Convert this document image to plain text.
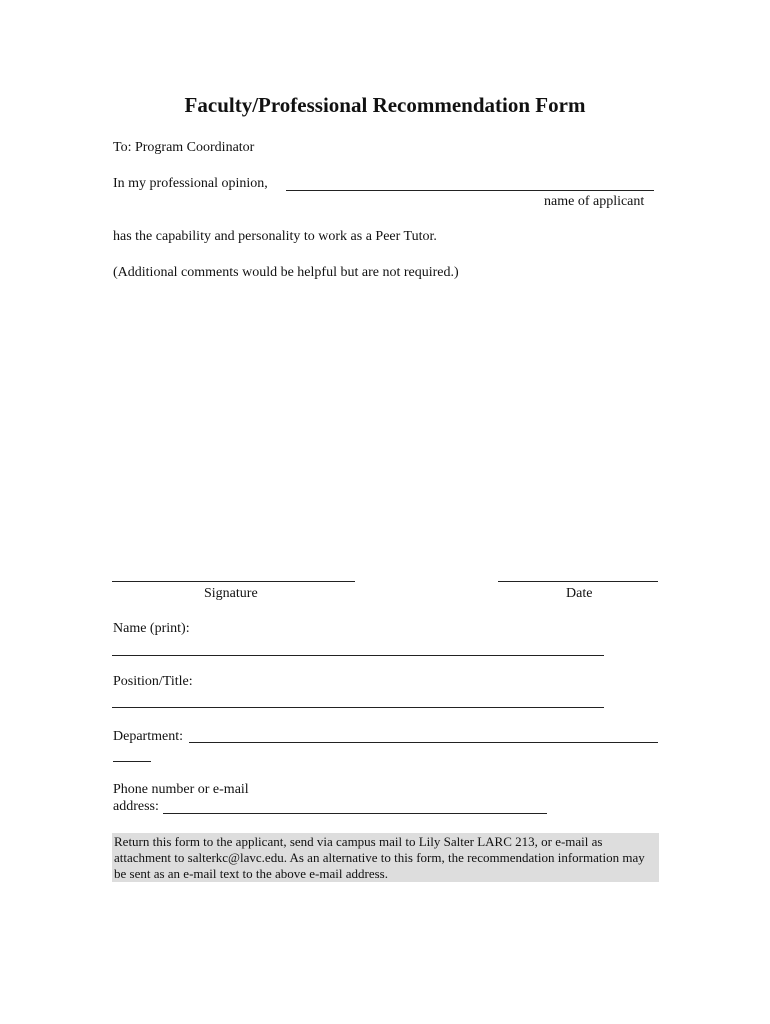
Faculty/Professional Recommendation Form
To: Program Coordinator
In my professional opinion,
name of applicant
has the capability and personality to work as a Peer Tutor.
(Additional comments would be helpful but are not required.)
Signature	Date
Name (print):
Position/Title:
Department:
Phone number or e-mail
address:
Return this form to the applicant, send via campus mail to Lily Salter LARC 213, or e-mail as attachment to salterkc@lavc.edu. As an alternative to this form, the recommendation information may be sent as an e-mail text to the above e-mail address.
